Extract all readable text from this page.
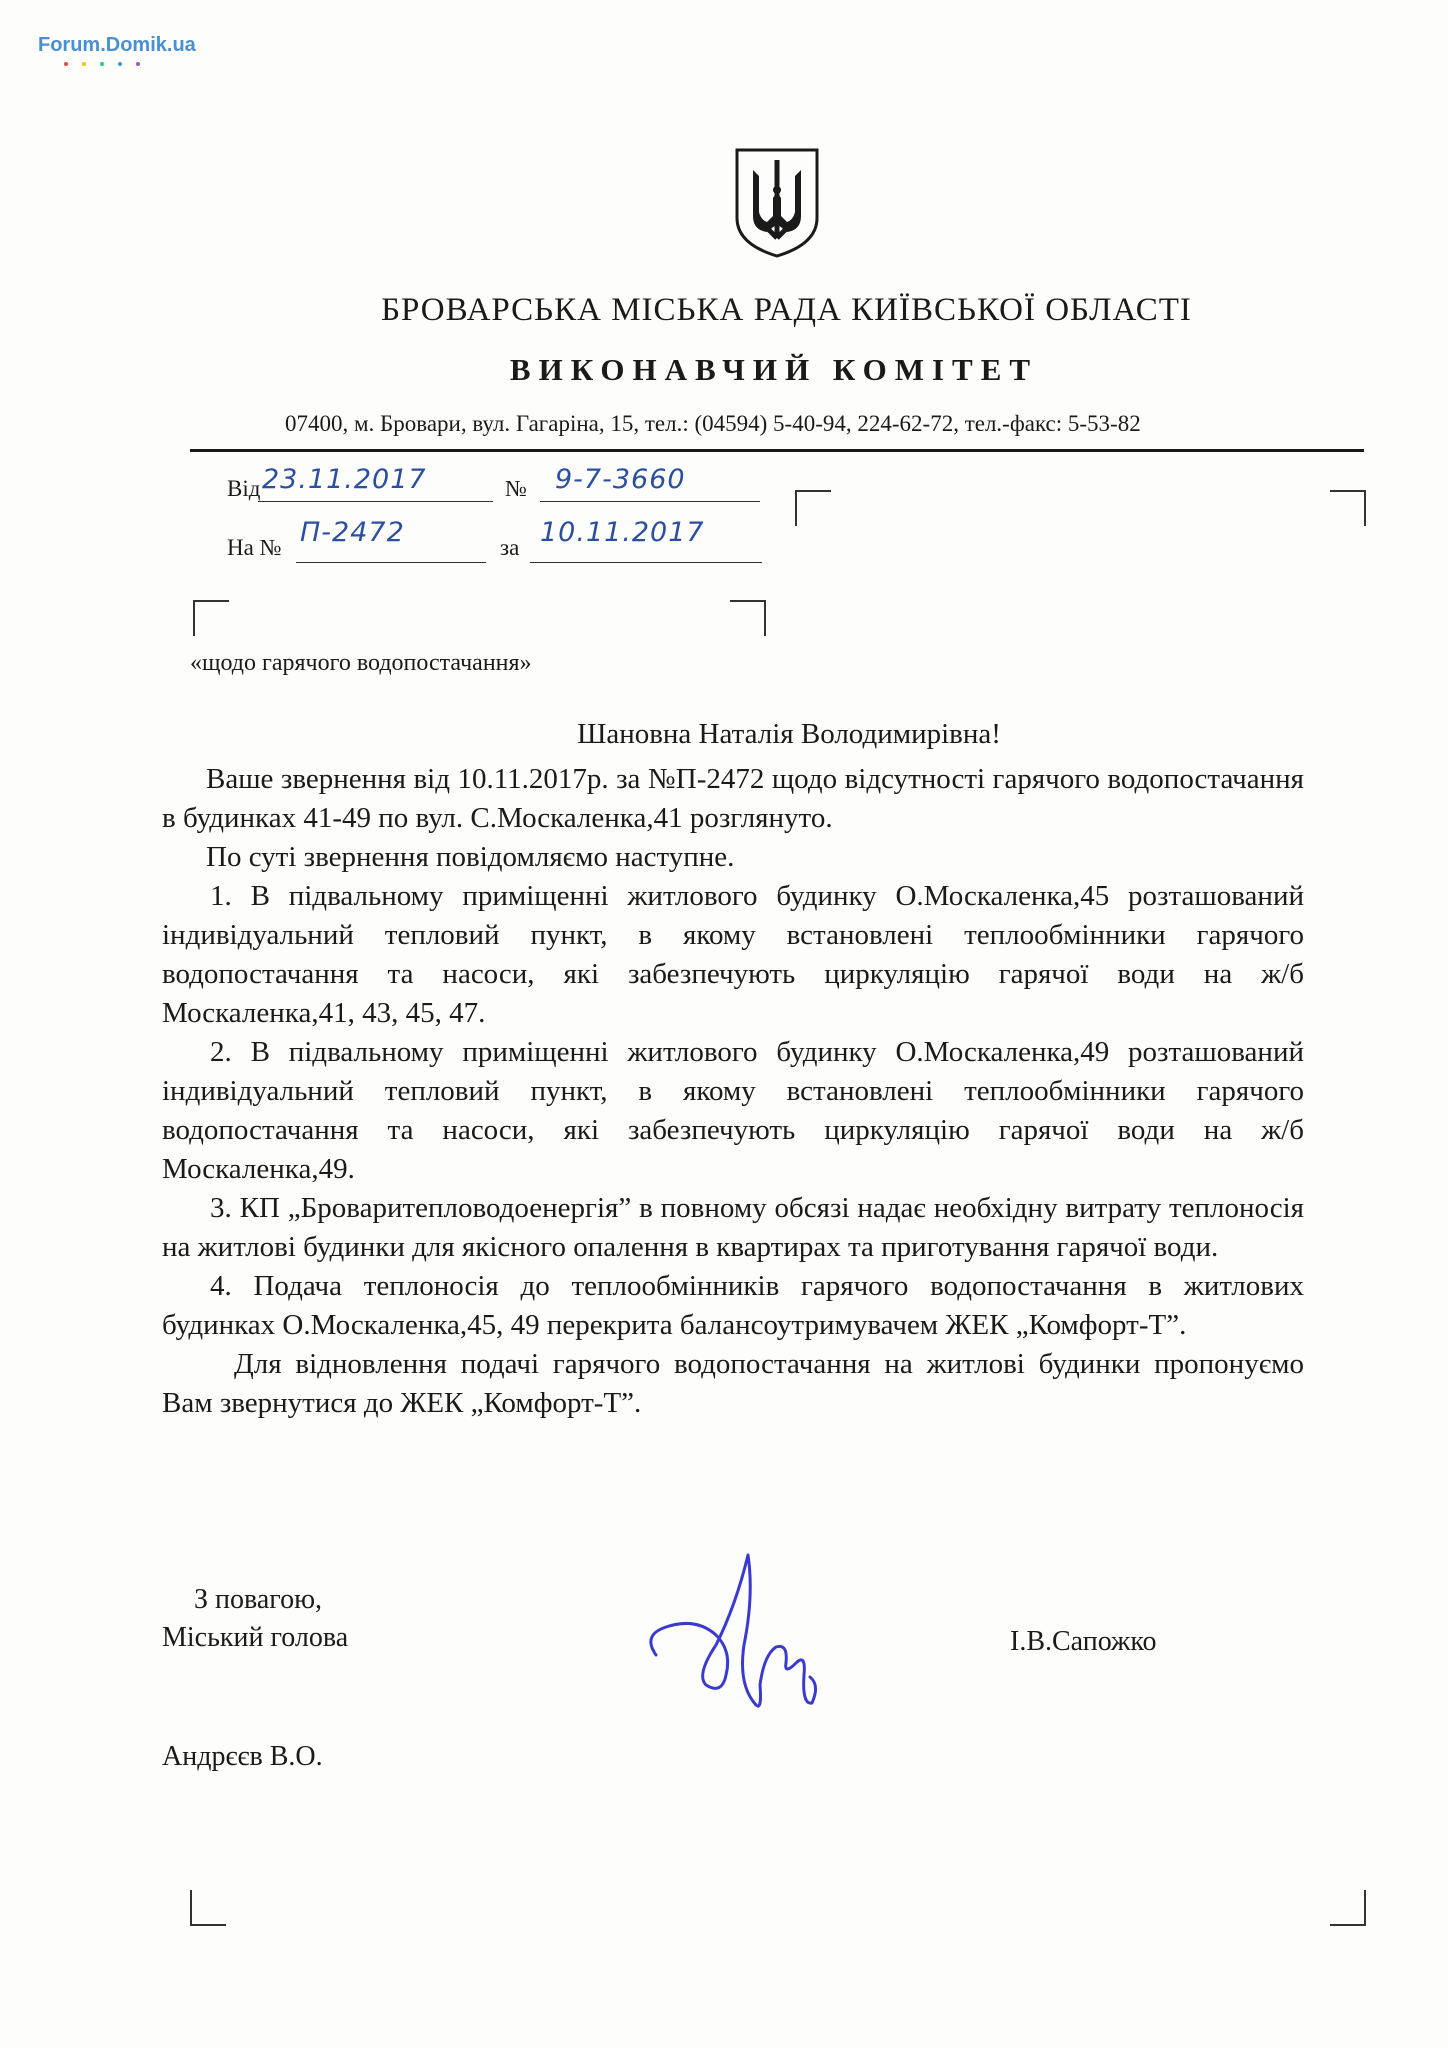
Forum.Domik.ua
БРОВАРСЬКА МІСЬКА РАДА КИЇВСЬКОЇ ОБЛАСТІ
ВИКОНАВЧИЙ КОМІТЕТ
07400, м. Бровари, вул. Гагаріна, 15, тел.: (04594) 5-40-94, 224-62-72, тел.-факс: 5-53-82
Від 23.11.2017	№ 9-7-3660
На № П-2472	за 10.11.2017
«щодо гарячого водопостачання»
Шановна Наталія Володимирівна!

Ваше звернення від 10.11.2017р. за №П-2472 щодо відсутності гарячого водопостачання в будинках 41-49 по вул. С.Москаленка,41 розглянуто.

По суті звернення повідомляємо наступне.

1. В підвальному приміщенні житлового будинку О.Москаленка,45 розташований індивідуальний тепловий пункт, в якому встановлені теплообмінники гарячого водопостачання та насоси, які забезпечують циркуляцію гарячої води на ж/б Москаленка,41, 43, 45, 47.

2. В підвальному приміщенні житлового будинку О.Москаленка,49 розташований індивідуальний тепловий пункт, в якому встановлені теплообмінники гарячого водопостачання та насоси, які забезпечують циркуляцію гарячої води на ж/б Москаленка,49.

3. КП „Броваритепловодоенергія” в повному обсязі надає необхідну витрату теплоносія на житлові будинки для якісного опалення в квартирах та приготування гарячої води.

4. Подача теплоносія до теплообмінників гарячого водопостачання в житлових будинках О.Москаленка,45, 49 перекрита балансоутримувачем ЖЕК „Комфорт-Т”.

Для відновлення подачі гарячого водопостачання на житлові будинки пропонуємо Вам звернутися до ЖЕК „Комфорт-Т”.

З повагою,
Міський голова	І.В.Сапожко
Андрєєв В.О.
